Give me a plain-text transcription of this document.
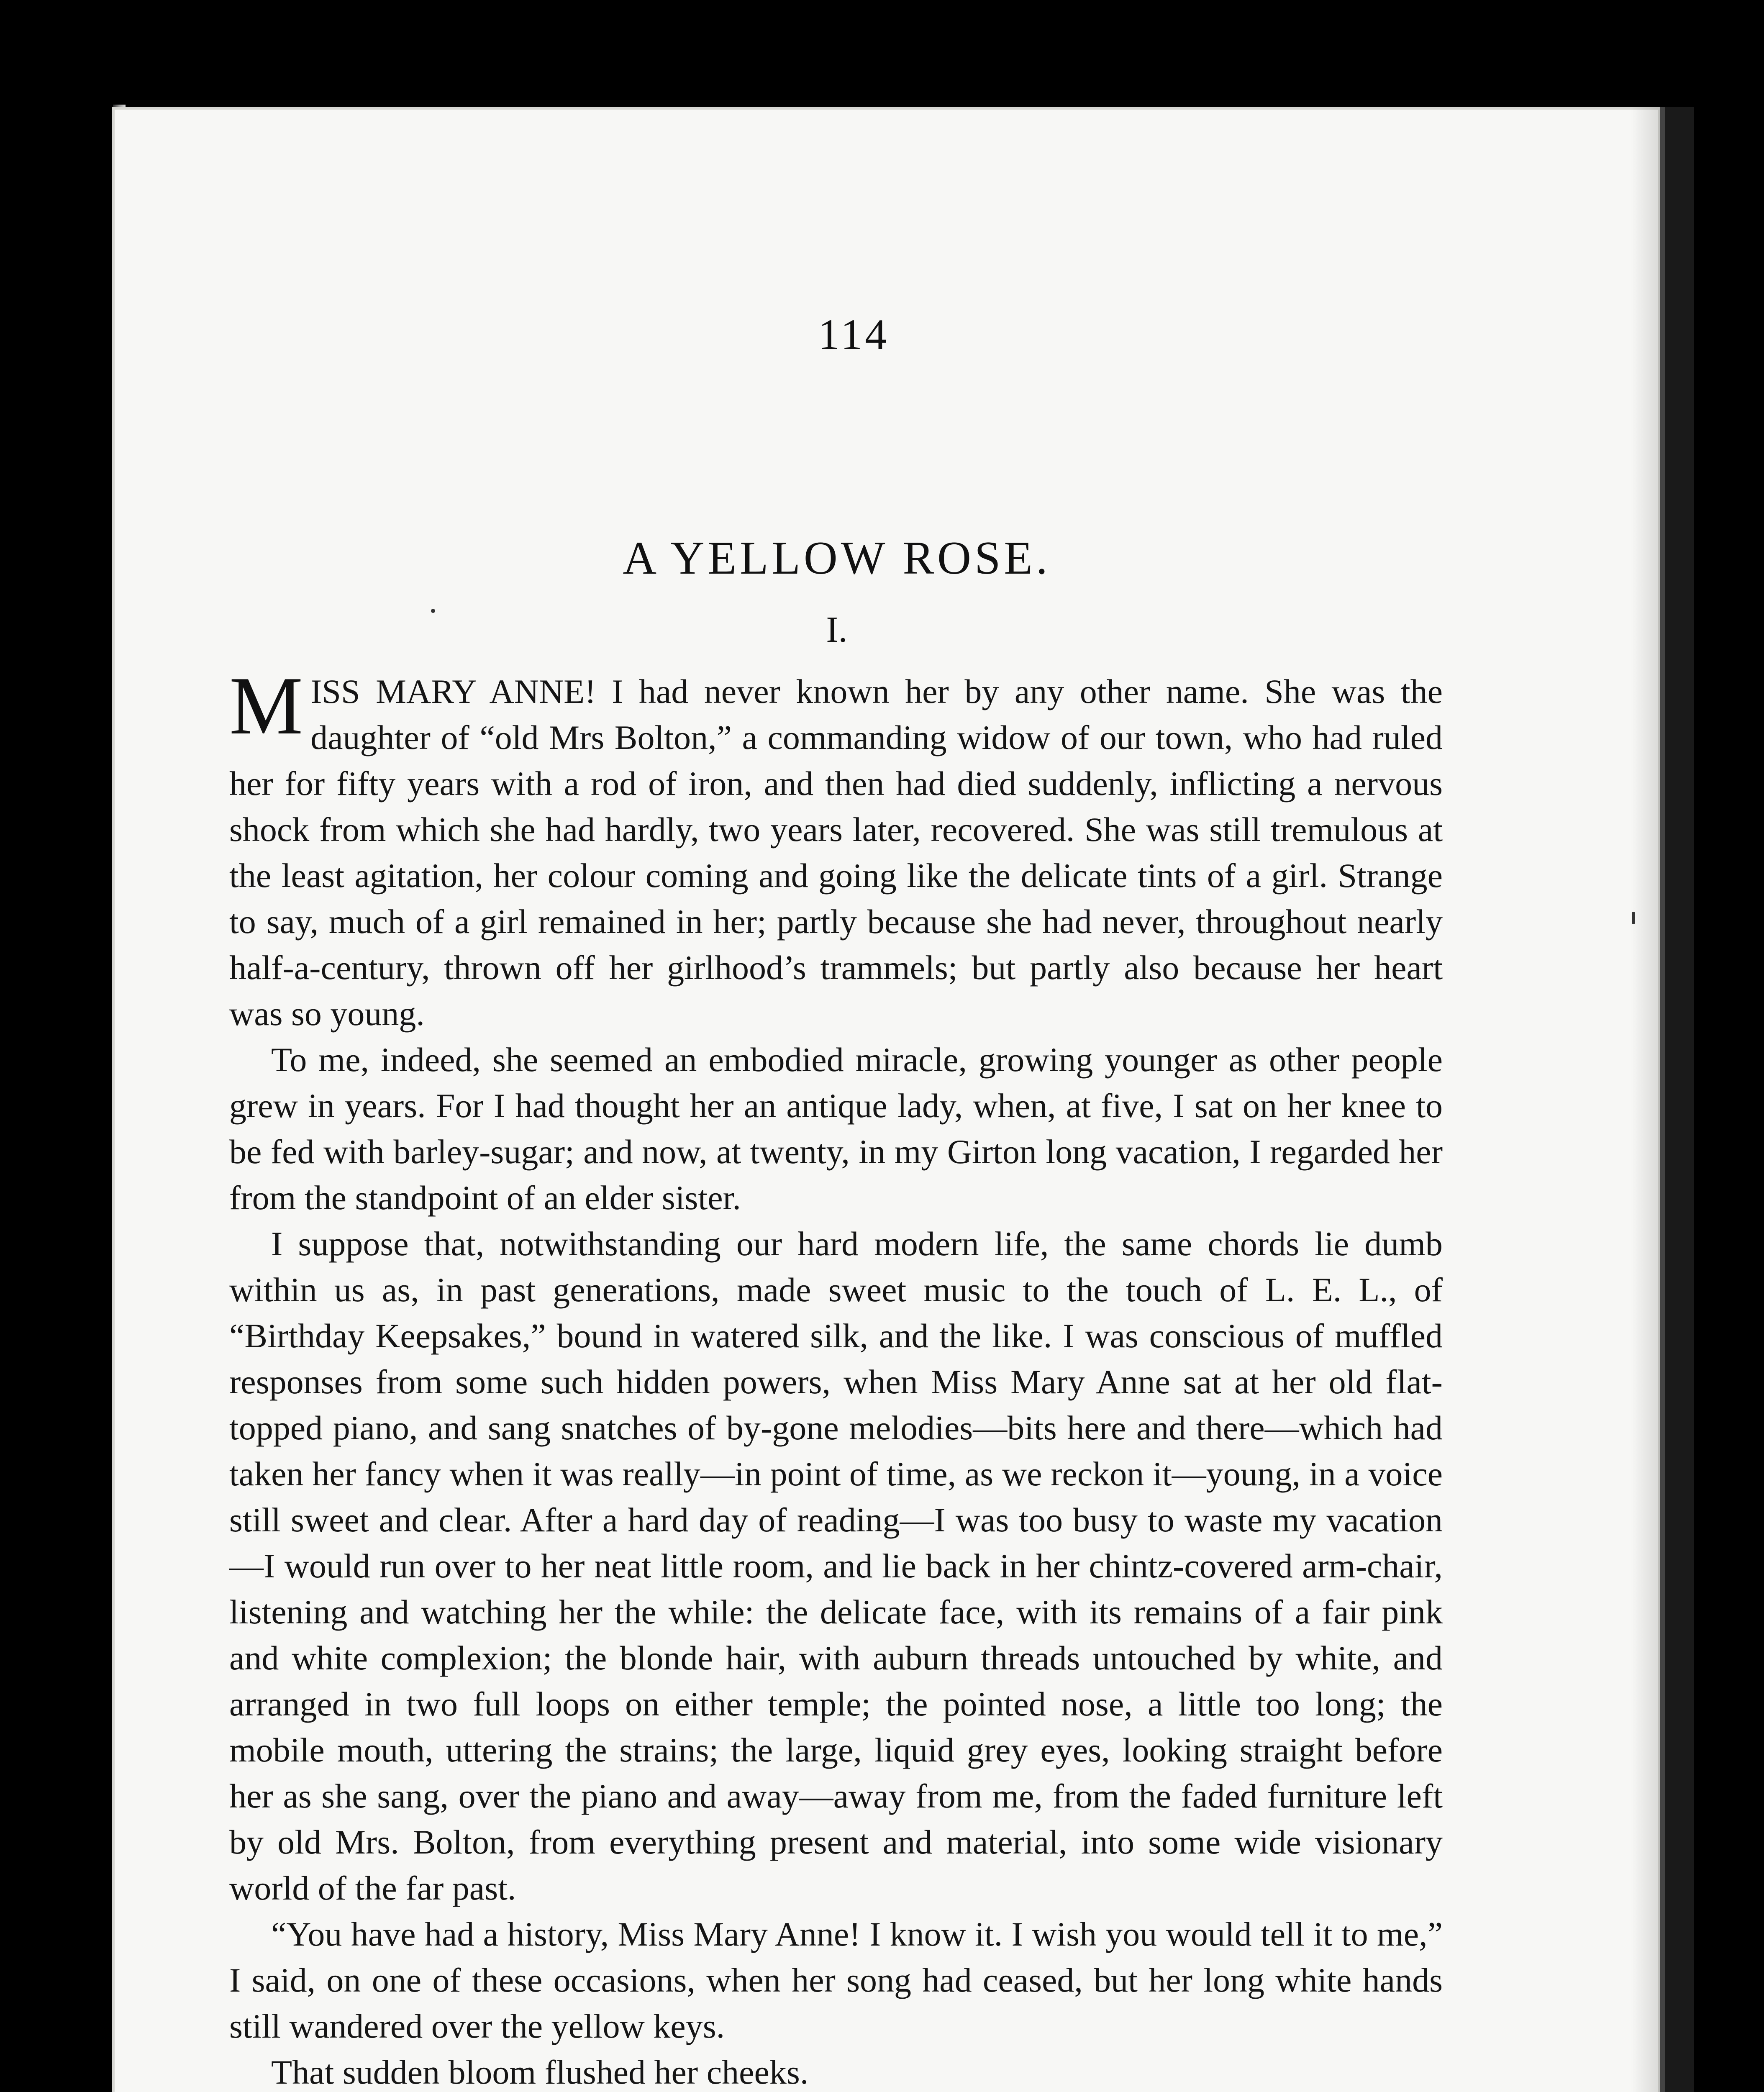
114
A YELLOW ROSE.
I.

MISS MARY ANNE! I had never known her by any other name. She was the daughter of “old Mrs Bolton,” a commanding widow of our town, who had ruled her for fifty years with a rod of iron, and then had died suddenly, inflicting a nervous shock from which she had hardly, two years later, recovered. She was still tremulous at the least agitation, her colour coming and going like the delicate tints of a girl. Strange to say, much of a girl remained in her; partly because she had never, throughout nearly half-a-century, thrown off her girlhood’s trammels; but partly also because her heart was so young.

To me, indeed, she seemed an embodied miracle, growing younger as other people grew in years. For I had thought her an antique lady, when, at five, I sat on her knee to be fed with barley-sugar; and now, at twenty, in my Girton long vacation, I regarded her from the standpoint of an elder sister.

I suppose that, notwithstanding our hard modern life, the same chords lie dumb within us as, in past generations, made sweet music to the touch of L. E. L., of “Birthday Keepsakes,” bound in watered silk, and the like. I was conscious of muffled responses from some such hidden powers, when Miss Mary Anne sat at her old flat-topped piano, and sang snatches of by-gone melodies—bits here and there—which had taken her fancy when it was really—in point of time, as we reckon it—young, in a voice still sweet and clear. After a hard day of reading—I was too busy to waste my vacation—I would run over to her neat little room, and lie back in her chintz-covered arm-chair, listening and watching her the while: the delicate face, with its remains of a fair pink and white complexion; the blonde hair, with auburn threads untouched by white, and arranged in two full loops on either temple; the pointed nose, a little too long; the mobile mouth, uttering the strains; the large, liquid grey eyes, looking straight before her as she sang, over the piano and away—away from me, from the faded furniture left by old Mrs. Bolton, from everything present and material, into some wide visionary world of the far past.

“You have had a history, Miss Mary Anne! I know it. I wish you would tell it to me,” I said, on one of these occasions, when her song had ceased, but her long white hands still wandered over the yellow keys.

That sudden bloom flushed her cheeks.
